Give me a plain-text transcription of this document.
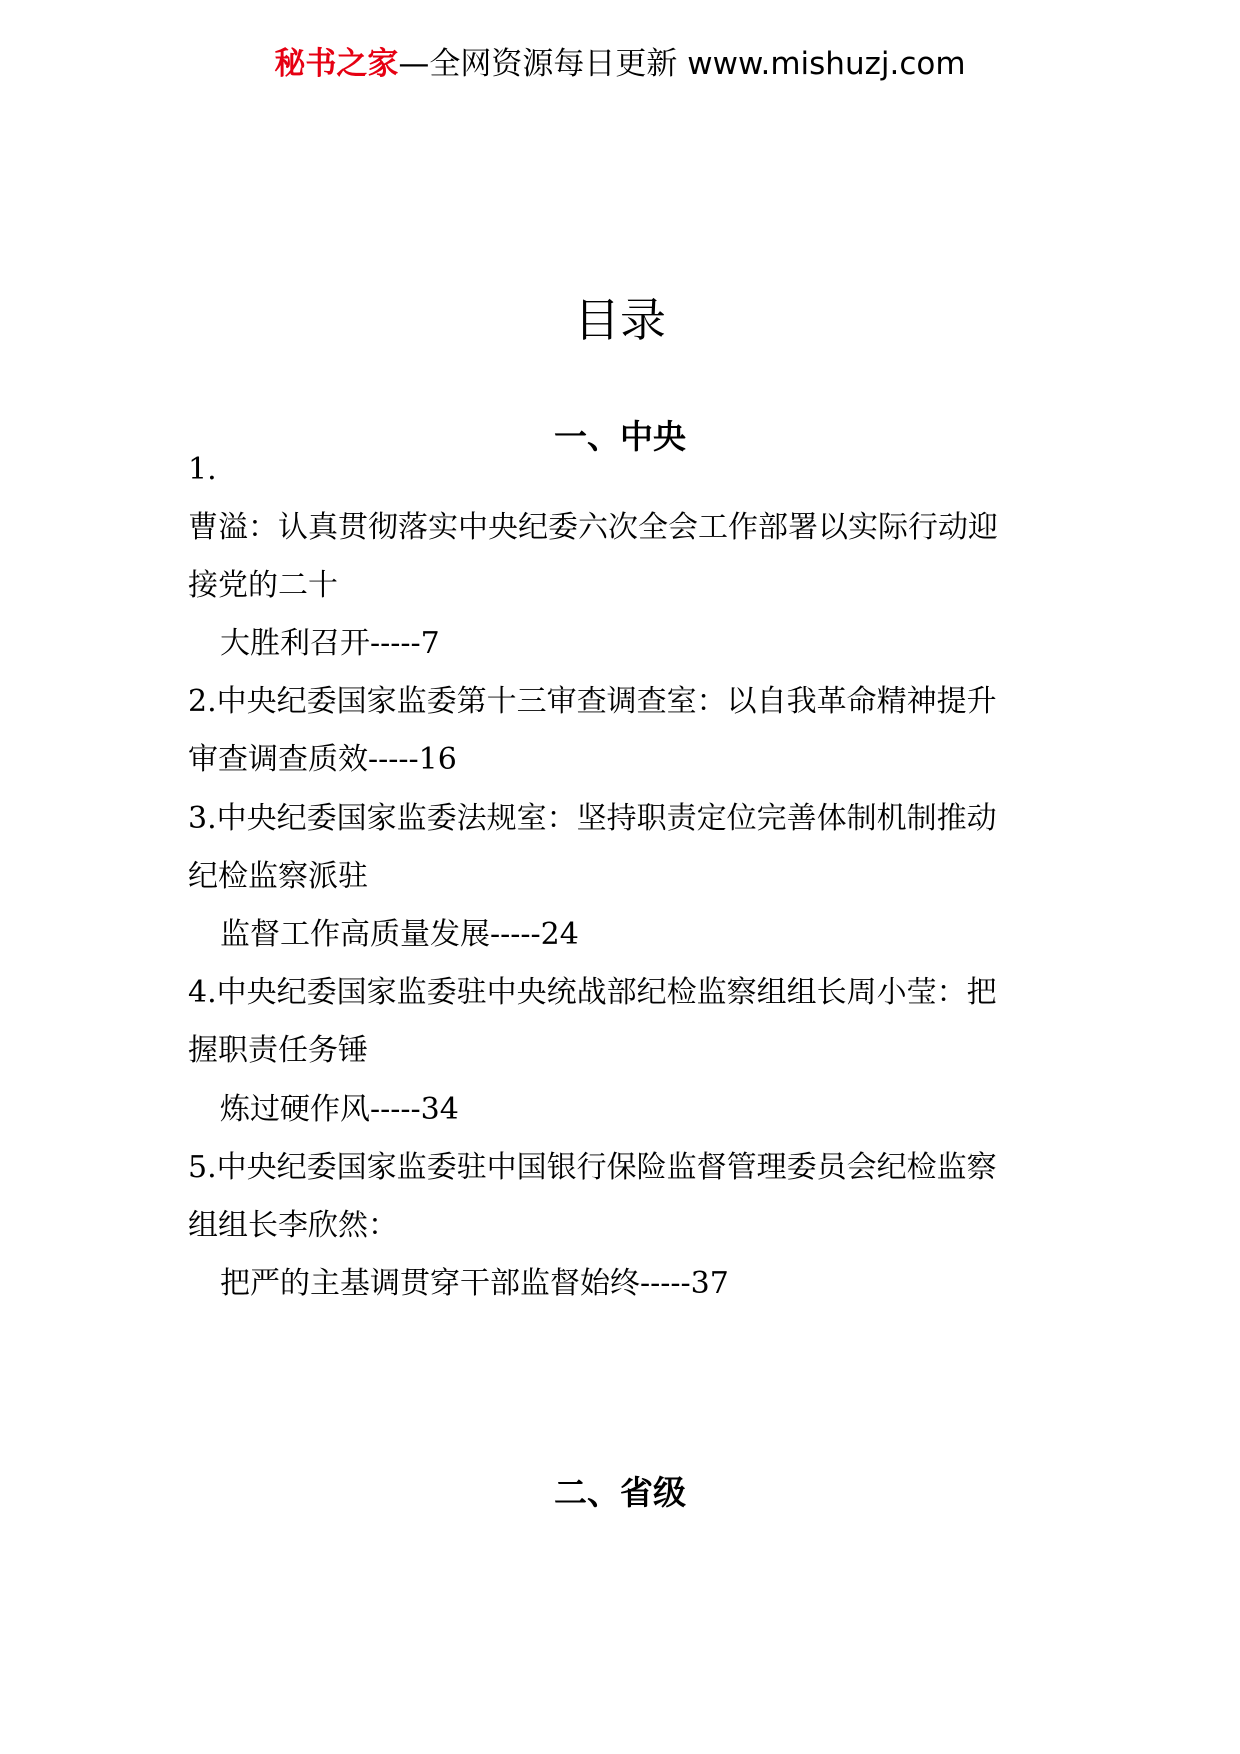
秘书之家—全网资源每日更新 www.mishuzj.com
目录
一、中央
1.
曹溢：认真贯彻落实中央纪委六次全会工作部署以实际行动迎
接党的二十
大胜利召开-----7
2.中央纪委国家监委第十三审查调查室：以自我革命精神提升
审查调查质效-----16
3.中央纪委国家监委法规室：坚持职责定位完善体制机制推动
纪检监察派驻
监督工作高质量发展-----24
4.中央纪委国家监委驻中央统战部纪检监察组组长周小莹：把
握职责任务锤
炼过硬作风-----34
5.中央纪委国家监委驻中国银行保险监督管理委员会纪检监察
组组长李欣然：
把严的主基调贯穿干部监督始终-----37
二、省级
